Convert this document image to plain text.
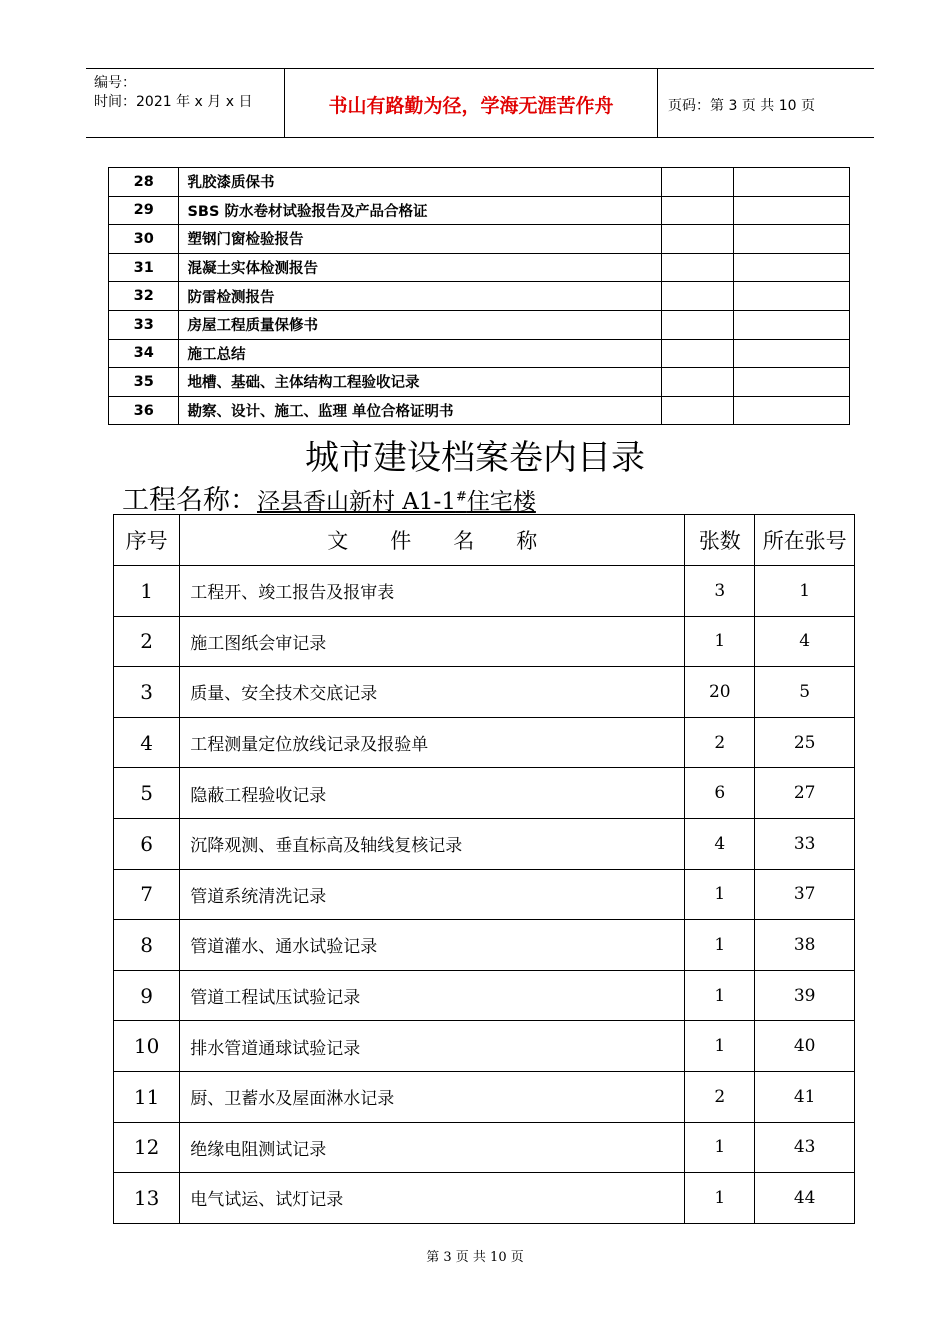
编号：
时间：2021 年 x 月 x 日	书山有路勤为径，学海无涯苦作舟	页码：第 3 页 共 10 页
28	乳胶漆质保书		
29	SBS 防水卷材试验报告及产品合格证		
30	塑钢门窗检验报告		
31	混凝土实体检测报告		
32	防雷检测报告		
33	房屋工程质量保修书		
34	施工总结		
35	地槽、基础、主体结构工程验收记录		
36	勘察、设计、施工、监理 单位合格证明书		
城市建设档案卷内目录
工程名称：泾县香山新村 A1-1#住宅楼
序号	文　　件　　名　　称	张数	所在张号
1	工程开、竣工报告及报审表	3	1
2	施工图纸会审记录	1	4
3	质量、安全技术交底记录	20	5
4	工程测量定位放线记录及报验单	2	25
5	隐蔽工程验收记录	6	27
6	沉降观测、垂直标高及轴线复核记录	4	33
7	管道系统清洗记录	1	37
8	管道灌水、通水试验记录	1	38
9	管道工程试压试验记录	1	39
10	排水管道通球试验记录	1	40
11	厨、卫蓄水及屋面淋水记录	2	41
12	绝缘电阻测试记录	1	43
13	电气试运、试灯记录	1	44
第 3 页 共 10 页
